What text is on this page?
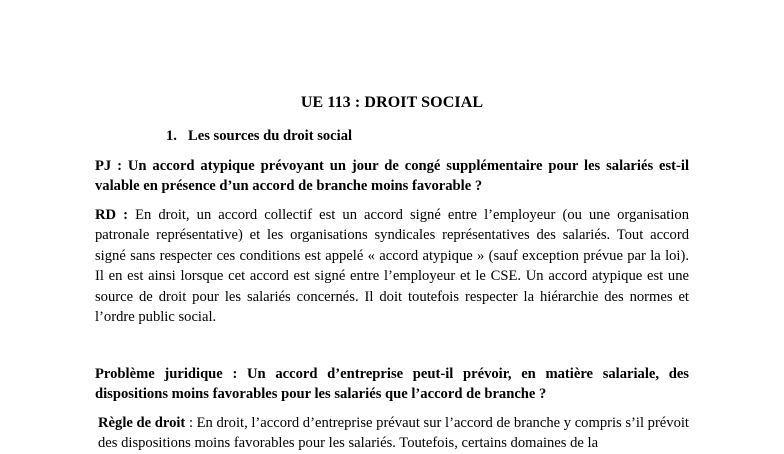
UE 113 : DROIT SOCIAL
1. Les sources du droit social
PJ : Un accord atypique prévoyant un jour de congé supplémentaire pour les salariés est-il valable en présence d’un accord de branche moins favorable ?
RD : En droit, un accord collectif est un accord signé entre l’employeur (ou une organisation patronale représentative) et les organisations syndicales représentatives des salariés. Tout accord signé sans respecter ces conditions est appelé « accord atypique » (sauf exception prévue par la loi). Il en est ainsi lorsque cet accord est signé entre l’employeur et le CSE. Un accord atypique est une source de droit pour les salariés concernés. Il doit toutefois respecter la hiérarchie des normes et l’ordre public social.
Problème juridique : Un accord d’entreprise peut-il prévoir, en matière salariale, des dispositions moins favorables pour les salariés que l’accord de branche ?
Règle de droit : En droit, l’accord d’entreprise prévaut sur l’accord de branche y compris s’il prévoit des dispositions moins favorables pour les salariés. Toutefois, certains domaines de la
